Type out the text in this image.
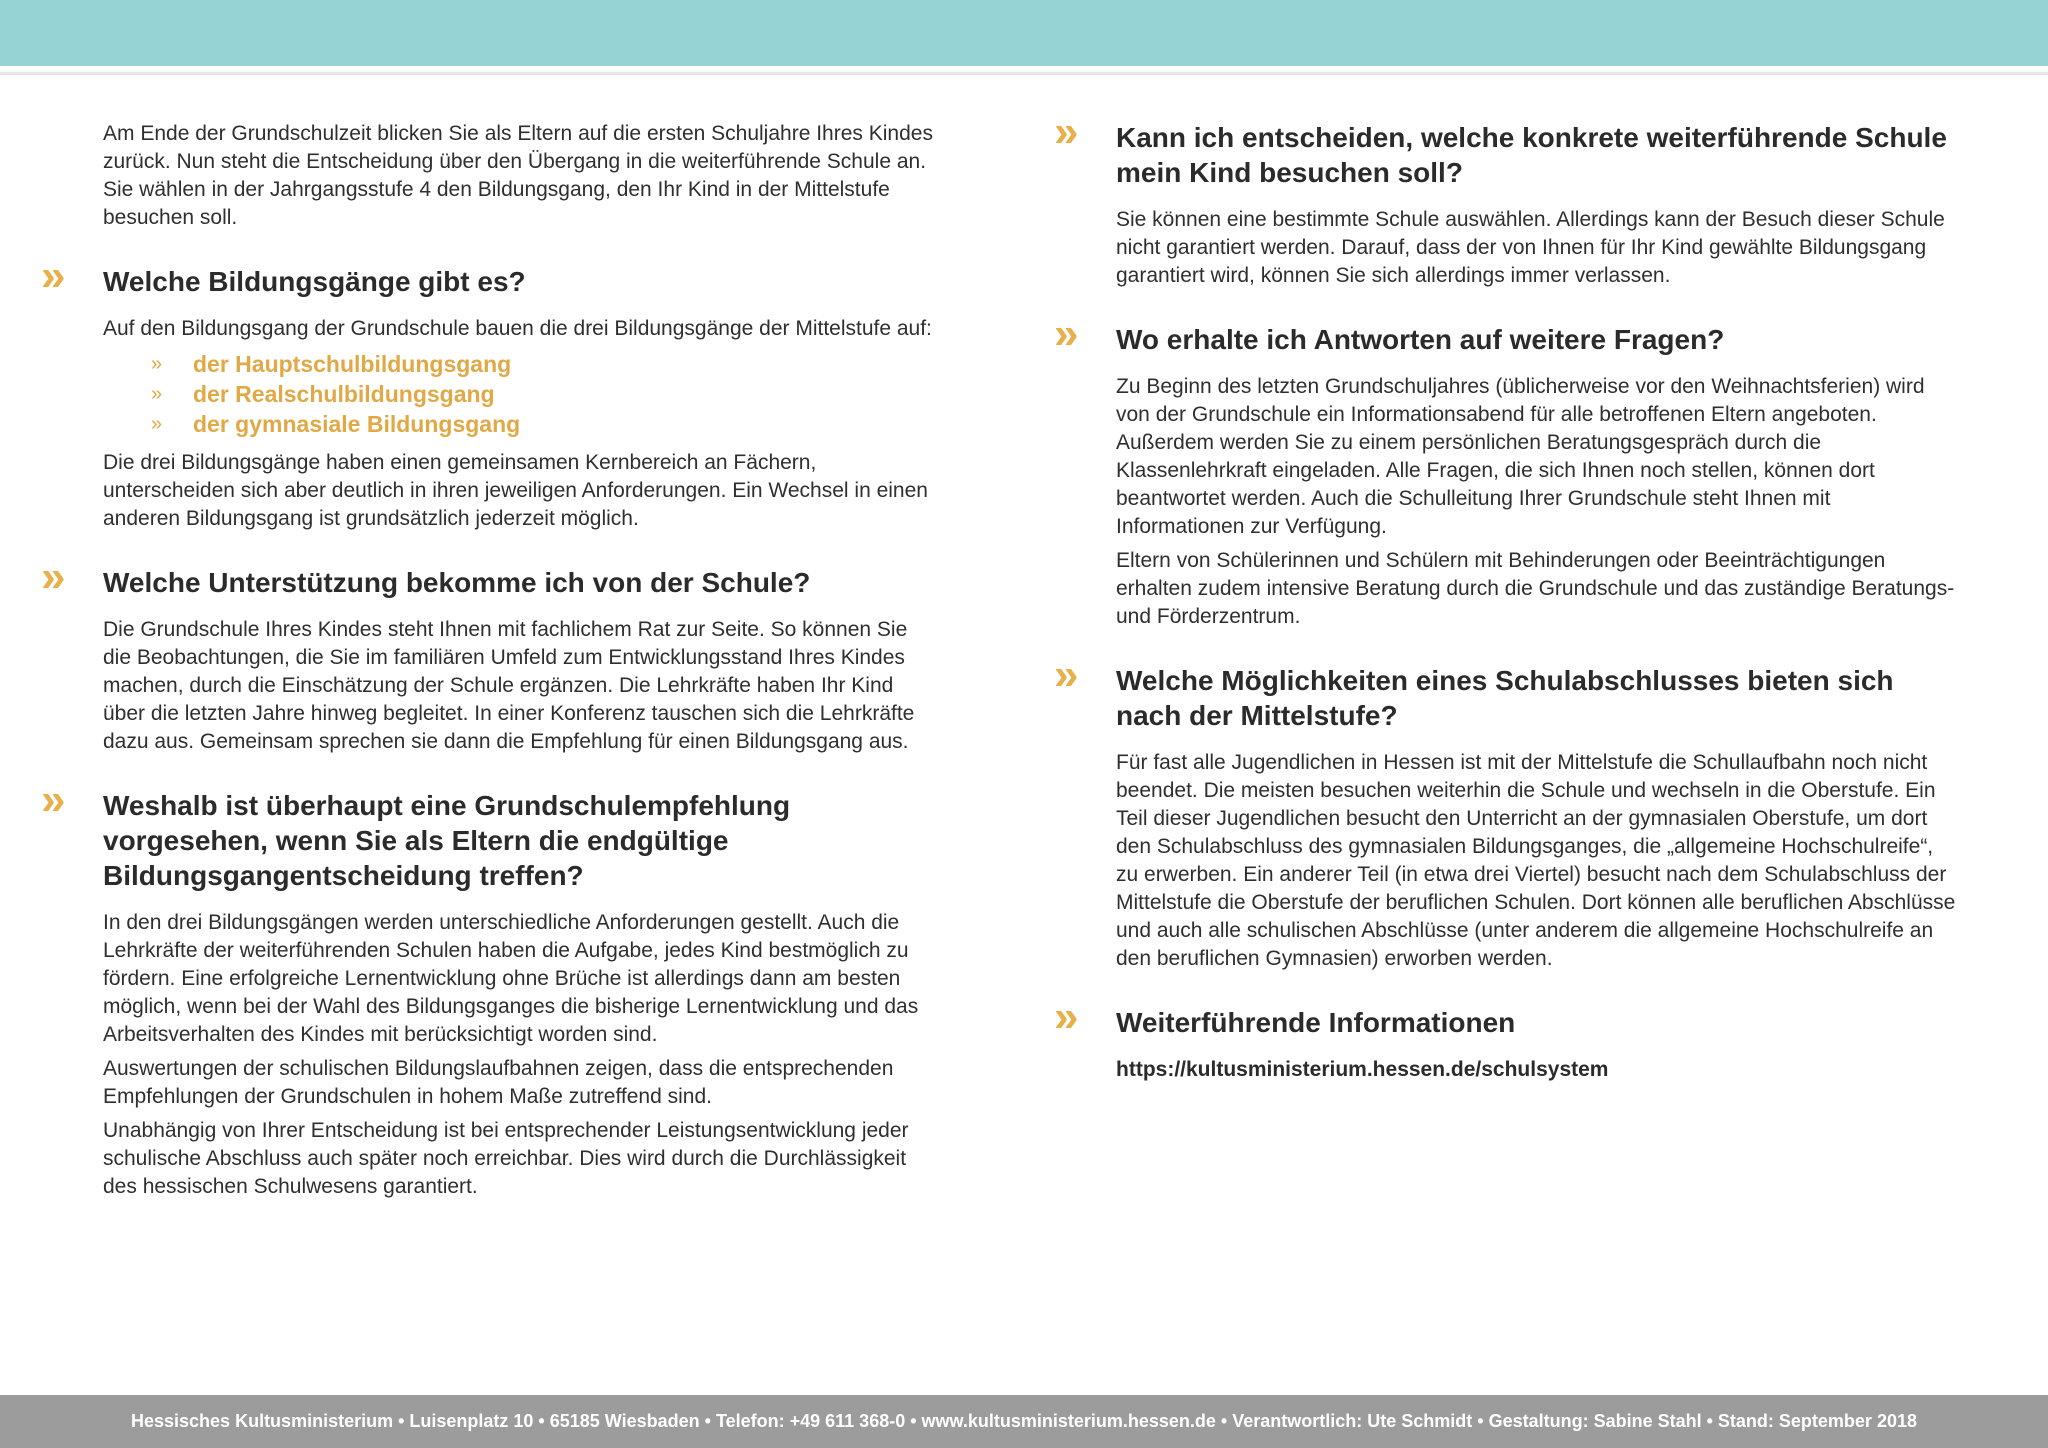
Am Ende der Grundschulzeit blicken Sie als Eltern auf die ersten Schuljahre Ihres Kindes zurück. Nun steht die Entscheidung über den Übergang in die weiterführende Schule an. Sie wählen in der Jahrgangsstufe 4 den Bildungsgang, den Ihr Kind in der Mittelstufe besuchen soll.

» Welche Bildungsgänge gibt es?

Auf den Bildungsgang der Grundschule bauen die drei Bildungsgänge der Mittelstufe auf:

»	der Hauptschulbildungsgang
»	der Realschulbildungsgang
»	der gymnasiale Bildungsgang

Die drei Bildungsgänge haben einen gemeinsamen Kernbereich an Fächern, unterscheiden sich aber deutlich in ihren jeweiligen Anforderungen. Ein Wechsel in einen anderen Bildungsgang ist grundsätzlich jederzeit möglich.

» Welche Unterstützung bekomme ich von der Schule?

Die Grundschule Ihres Kindes steht Ihnen mit fachlichem Rat zur Seite. So können Sie die Beobachtungen, die Sie im familiären Umfeld zum Entwicklungsstand Ihres Kindes machen, durch die Einschätzung der Schule ergänzen. Die Lehrkräfte haben Ihr Kind über die letzten Jahre hinweg begleitet. In einer Konferenz tauschen sich die Lehrkräfte dazu aus. Gemeinsam sprechen sie dann die Empfehlung für einen Bildungsgang aus.

» Weshalb ist überhaupt eine Grundschulempfehlung vorgesehen, wenn Sie als Eltern die endgültige Bildungsgangentscheidung treffen?

In den drei Bildungsgängen werden unterschiedliche Anforderungen gestellt. Auch die Lehrkräfte der weiterführenden Schulen haben die Aufgabe, jedes Kind bestmöglich zu fördern. Eine erfolgreiche Lernentwicklung ohne Brüche ist allerdings dann am besten möglich, wenn bei der Wahl des Bildungsganges die bisherige Lernentwicklung und das Arbeitsverhalten des Kindes mit berücksichtigt worden sind.

Auswertungen der schulischen Bildungslaufbahnen zeigen, dass die entsprechenden Empfehlungen der Grundschulen in hohem Maße zutreffend sind.

Unabhängig von Ihrer Entscheidung ist bei entsprechender Leistungsentwicklung jeder schulische Abschluss auch später noch erreichbar. Dies wird durch die Durchlässigkeit des hessischen Schulwesens garantiert.

» Kann ich entscheiden, welche konkrete weiterführende Schule mein Kind besuchen soll?

Sie können eine bestimmte Schule auswählen. Allerdings kann der Besuch dieser Schule nicht garantiert werden. Darauf, dass der von Ihnen für Ihr Kind gewählte Bildungsgang garantiert wird, können Sie sich allerdings immer verlassen.

» Wo erhalte ich Antworten auf weitere Fragen?

Zu Beginn des letzten Grundschuljahres (üblicherweise vor den Weihnachtsferien) wird von der Grundschule ein Informationsabend für alle betroffenen Eltern angeboten. Außerdem werden Sie zu einem persönlichen Beratungsgespräch durch die Klassenlehrkraft eingeladen. Alle Fragen, die sich Ihnen noch stellen, können dort beantwortet werden. Auch die Schulleitung Ihrer Grundschule steht Ihnen mit Informationen zur Verfügung.

Eltern von Schülerinnen und Schülern mit Behinderungen oder Beeinträchtigungen erhalten zudem intensive Beratung durch die Grundschule und das zuständige Beratungs- und Förderzentrum.

» Welche Möglichkeiten eines Schulabschlusses bieten sich nach der Mittelstufe?

Für fast alle Jugendlichen in Hessen ist mit der Mittelstufe die Schullaufbahn noch nicht beendet. Die meisten besuchen weiterhin die Schule und wechseln in die Oberstufe. Ein Teil dieser Jugendlichen besucht den Unterricht an der gymnasialen Oberstufe, um dort den Schulabschluss des gymnasialen Bildungsganges, die „allgemeine Hochschulreife“, zu erwerben. Ein anderer Teil (in etwa drei Viertel) besucht nach dem Schulabschluss der Mittelstufe die Oberstufe der beruflichen Schulen. Dort können alle beruflichen Abschlüsse und auch alle schulischen Abschlüsse (unter anderem die allgemeine Hochschulreife an den beruflichen Gymnasien) erworben werden.

» Weiterführende Informationen

https://kultusministerium.hessen.de/schulsystem

Hessisches Kultusministerium • Luisenplatz 10 • 65185 Wiesbaden • Telefon: +49 611 368-0 • www.kultusministerium.hessen.de • Verantwortlich: Ute Schmidt • Gestaltung: Sabine Stahl • Stand: September 2018
